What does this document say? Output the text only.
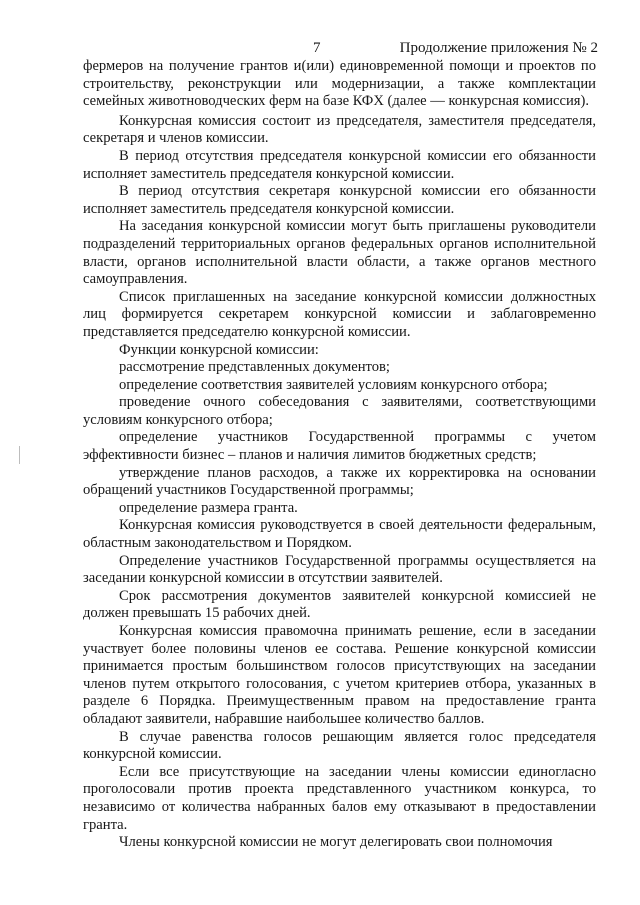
7	Продолжение приложения № 2

фермеров на получение грантов и(или) единовременной помощи и проектов по строительству, реконструкции или модернизации, а также комплектации семейных животноводческих ферм на базе КФХ (далее — конкурсная комиссия).

Конкурсная комиссия состоит из председателя, заместителя председателя, секретаря и членов комиссии.

В период отсутствия председателя конкурсной комиссии его обязанности исполняет заместитель председателя конкурсной комиссии.

В период отсутствия секретаря конкурсной комиссии его обязанности исполняет заместитель председателя конкурсной комиссии.

На заседания конкурсной комиссии могут быть приглашены руководители подразделений территориальных органов федеральных органов исполнительной власти, органов исполнительной власти области, а также органов местного самоуправления.

Список приглашенных на заседание конкурсной комиссии должностных лиц формируется секретарем конкурсной комиссии и заблаговременно представляется председателю конкурсной комиссии.

Функции конкурсной комиссии:

рассмотрение представленных документов;

определение соответствия заявителей условиям конкурсного отбора;

проведение очного собеседования с заявителями, соответствующими условиям конкурсного отбора;

определение участников Государственной программы с учетом эффективности бизнес – планов и наличия лимитов бюджетных средств;

утверждение планов расходов, а также их корректировка на основании обращений участников Государственной программы;

определение размера гранта.

Конкурсная комиссия руководствуется в своей деятельности федеральным, областным законодательством и Порядком.

Определение участников Государственной программы осуществляется на заседании конкурсной комиссии в отсутствии заявителей.

Срок рассмотрения документов заявителей конкурсной комиссией не должен превышать 15 рабочих дней.

Конкурсная комиссия правомочна принимать решение, если в заседании участвует более половины членов ее состава. Решение конкурсной комиссии принимается простым большинством голосов присутствующих на заседании членов путем открытого голосования, с учетом критериев отбора, указанных в разделе 6 Порядка. Преимущественным правом на предоставление гранта обладают заявители, набравшие наибольшее количество баллов.

В случае равенства голосов решающим является голос председателя конкурсной комиссии.

Если все присутствующие на заседании члены комиссии единогласно проголосовали против проекта представленного участником конкурса, то независимо от количества набранных балов ему отказывают в предоставлении гранта.

Члены конкурсной комиссии не могут делегировать свои полномочия
